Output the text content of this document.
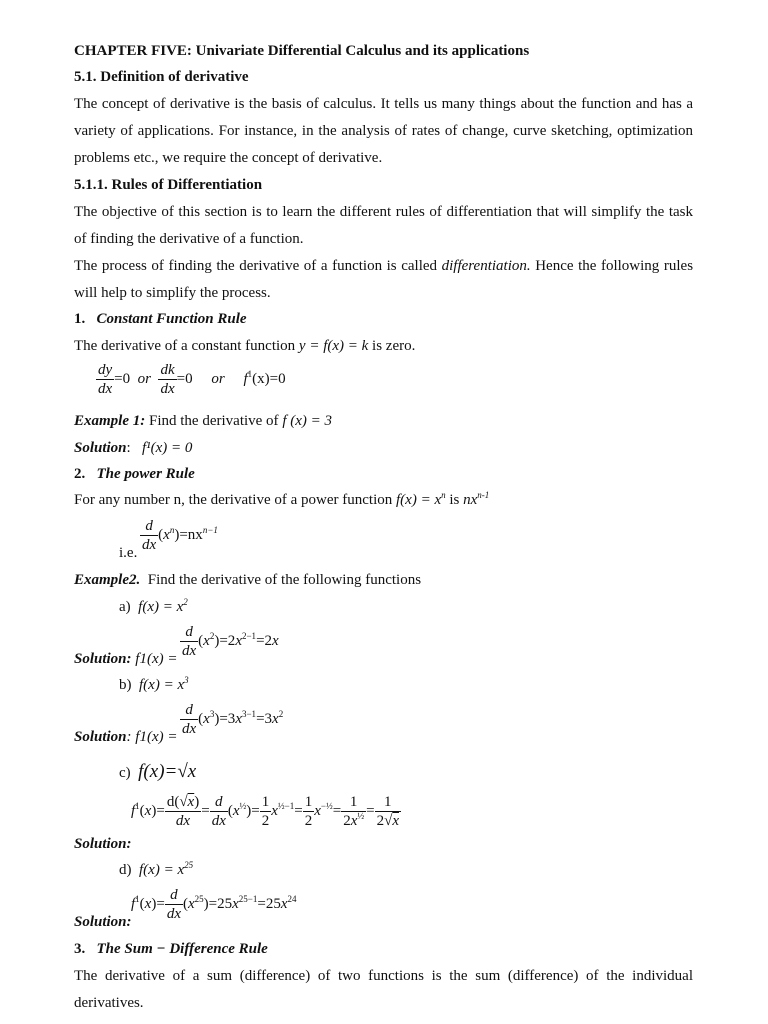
CHAPTER FIVE: Univariate Differential Calculus and its applications
5.1. Definition of derivative
The concept of derivative is the basis of calculus. It tells us many things about the function and has a
variety of applications. For instance, in the analysis of rates of change, curve sketching, optimization
problems etc., we require the concept of derivative.
5.1.1. Rules of Differentiation
The objective of this section is to learn the different rules of differentiation that will simplify the task
of finding the derivative of a function.
The process of finding the derivative of a function is called differentiation. Hence the following rules
will help to simplify the process.
1. Constant Function Rule
The derivative of a constant function y = f(x) = k is zero.
$\frac{dy}{dx} =0$ or $\frac{dk}{dx} =0$ or $f^1(x)=0$
Example 1: Find the derivative of f (x) = 3
Solution:   f¹(x) = 0
2. The power Rule
For any number n, the derivative of a power function $f(x) = x^n$ is $nx^{n-1}$
i.e. $\frac{d}{dx} (x^n)=nx^{n-1}$
Example2. Find the derivative of the following functions
a) $f(x) = x^2$
$\frac{d}{dx} (x^2)=2x^{2-1}=2x$
Solution: f1(x) =
b) $f(x) = x^3$
$\frac{d}{dx} (x^3)=3x^{3-1}=3x^2$
Solution: f1(x) =
c) f(x)=√x
$f^1(x)= \frac{d(√x)}{dx} = \frac{d}{dx} (x^{\frac{1}{2}})= \frac{1}{2} x^{\frac{1}{2}-1}= \frac{1}{2} x^{-\frac{1}{2}}= \frac{1}{2x^{\frac{1}{2}}} = \frac{1}{2√x}$
Solution:
d) $f(x) = x^{25}$
$f^1(x)= \frac{d}{dx} (x^{25})=25x^{25-1}=25x^{24}$
Solution:
3. The Sum − Difference Rule
The derivative of a sum (difference) of two functions is the sum (difference) of the individual
derivatives.
